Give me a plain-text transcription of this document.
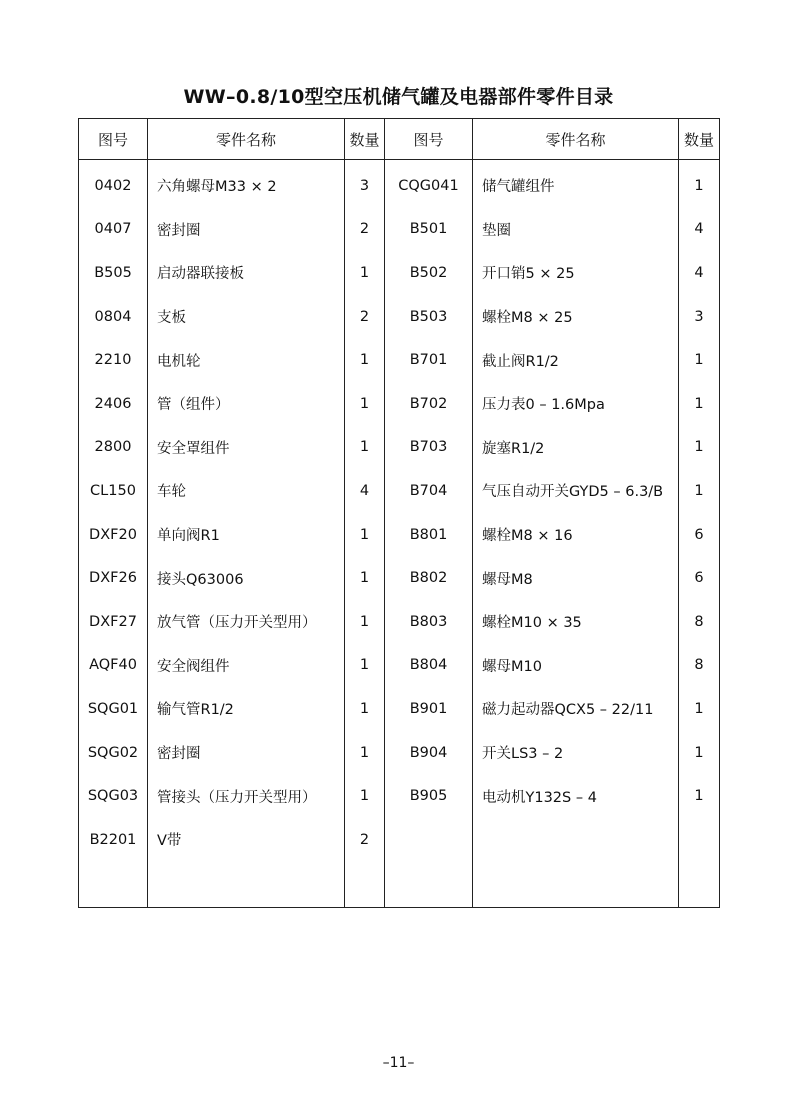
WW–0.8/10型空压机储气罐及电器部件零件目录
图号	零件名称	数量	图号	零件名称	数量
0402	六角螺母M33 × 2	3	CQG041	储气罐组件	1
0407	密封圈	2	B501	垫圈	4
B505	启动器联接板	1	B502	开口销5 × 25	4
0804	支板	2	B503	螺栓M8 × 25	3
2210	电机轮	1	B701	截止阀R1/2	1
2406	管（组件）	1	B702	压力表0 – 1.6Mpa	1
2800	安全罩组件	1	B703	旋塞R1/2	1
CL150	车轮	4	B704	气压自动开关GYD5 – 6.3/B	1
DXF20	单向阀R1	1	B801	螺栓M8 × 16	6
DXF26	接头Q63006	1	B802	螺母M8	6
DXF27	放气管（压力开关型用）	1	B803	螺栓M10 × 35	8
AQF40	安全阀组件	1	B804	螺母M10	8
SQG01	输气管R1/2	1	B901	磁力起动器QCX5 – 22/11	1
SQG02	密封圈	1	B904	开关LS3 – 2	1
SQG03	管接头（压力开关型用）	1	B905	电动机Y132S – 4	1
B2201	V带	2			

–11–
